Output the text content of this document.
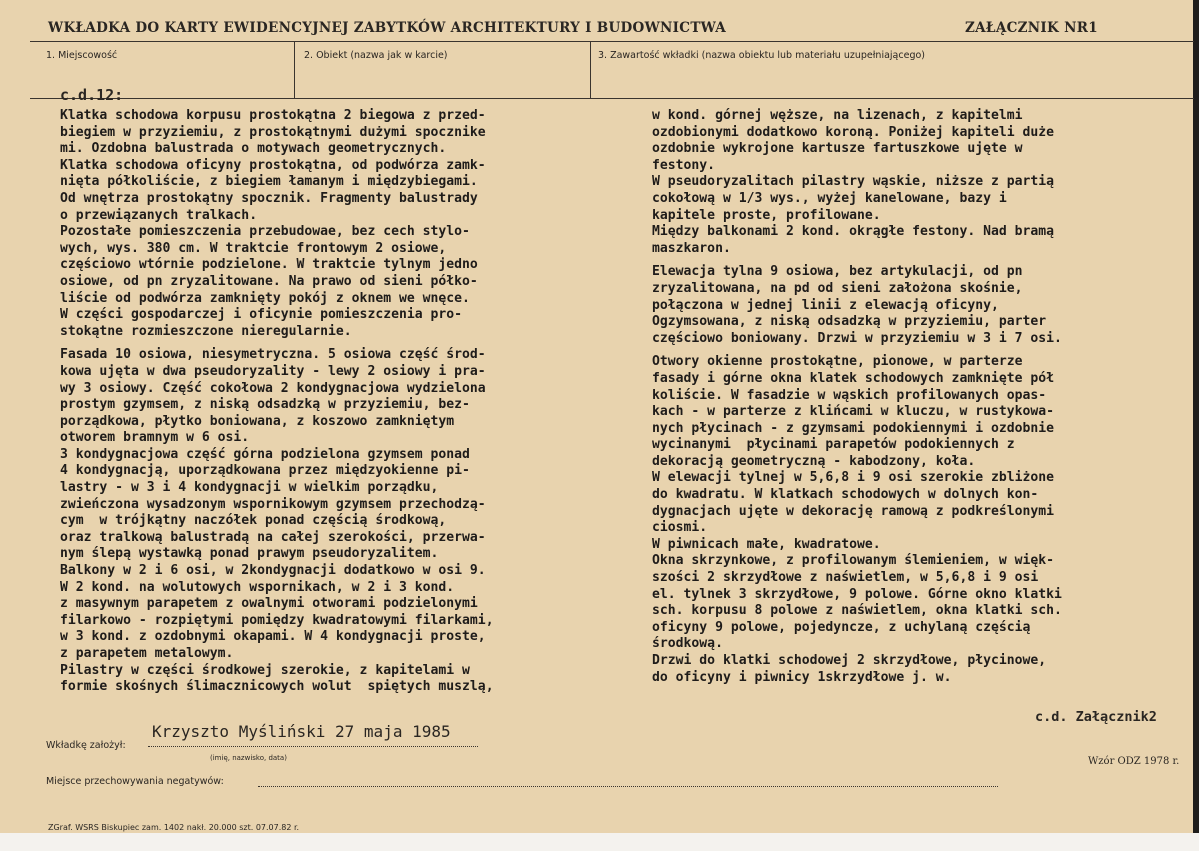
WKŁADKA DO KARTY EWIDENCYJNEJ ZABYTKÓW ARCHITEKTURY I BUDOWNICTWA	ZAŁĄCZNIK NR1
1. Miejscowość	2. Obiekt (nazwa jak w karcie)	3. Zawartość wkładki (nazwa obiektu lub materiału uzupełniającego)
c.d.12:
Klatka schodowa korpusu prostokątna 2 biegowa z przed-
biegiem w przyziemiu, z prostokątnymi dużymi spocznike
mi. Ozdobna balustrada o motywach geometrycznych.
Klatka schodowa oficyny prostokątna, od podwórza zamk-
nięta półkoliście, z biegiem łamanym i międzybiegami.
Od wnętrza prostokątny spocznik. Fragmenty balustrady
o przewiązanych tralkach.
Pozostałe pomieszczenia przebudowae, bez cech stylo-
wych, wys. 380 cm. W traktcie frontowym 2 osiowe,
częściowo wtórnie podzielone. W traktcie tylnym jedno
osiowe, od pn zryzalitowane. Na prawo od sieni półko-
liście od podwórza zamknięty pokój z oknem we wnęce.
W części gospodarczej i oficynie pomieszczenia pro-
stokątne rozmieszczone nieregularnie.
Fasada 10 osiowa, niesymetryczna. 5 osiowa część środ-
kowa ujęta w dwa pseudoryzality - lewy 2 osiowy i pra-
wy 3 osiowy. Część cokołowa 2 kondygnacjowa wydzielona
prostym gzymsem, z niską odsadzką w przyziemiu, bez-
porządkowa, płytko boniowana, z koszowo zamkniętym
otworem bramnym w 6 osi.
3 kondygnacjowa część górna podzielona gzymsem ponad
4 kondygnacją, uporządkowana przez międzyokienne pi-
lastry - w 3 i 4 kondygnacji w wielkim porządku,
zwieńczona wysadzonym wspornikowym gzymsem przechodzą-
cym  w trójkątny naczółek ponad częścią środkową,
oraz tralkową balustradą na całej szerokości, przerwa-
nym ślepą wystawką ponad prawym pseudoryzalitem.
Balkony w 2 i 6 osi, w 2kondygnacji dodatkowo w osi 9.
W 2 kond. na wolutowych wspornikach, w 2 i 3 kond.
z masywnym parapetem z owalnymi otworami podzielonymi
filarkowo - rozpiętymi pomiędzy kwadratowymi filarkami,
w 3 kond. z ozdobnymi okapami. W 4 kondygnacji proste,
z parapetem metalowym.
Pilastry w części środkowej szerokie, z kapitelami w
formie skośnych ślimacznicowych wolut  spiętych muszlą,
w kond. górnej węższe, na lizenach, z kapitelmi
ozdobionymi dodatkowo koroną. Poniżej kapiteli duże
ozdobnie wykrojone kartusze fartuszkowe ujęte w
festony.
W pseudoryzalitach pilastry wąskie, niższe z partią
cokołową w 1/3 wys., wyżej kanelowane, bazy i
kapitele proste, profilowane.
Między balkonami 2 kond. okrągłe festony. Nad bramą
maszkaron.
Elewacja tylna 9 osiowa, bez artykulacji, od pn
zryzalitowana, na pd od sieni założona skośnie,
połączona w jednej linii z elewacją oficyny,
Ogzymsowana, z niską odsadzką w przyziemiu, parter
częściowo boniowany. Drzwi w przyziemiu w 3 i 7 osi.
Otwory okienne prostokątne, pionowe, w parterze
fasady i górne okna klatek schodowych zamknięte pół
koliście. W fasadzie w wąskich profilowanych opas-
kach - w parterze z klińcami w kluczu, w rustykowa-
nych płycinach - z gzymsami podokiennymi i ozdobnie
wycinanymi  płycinami parapetów podokiennych z
dekoracją geometryczną - kabodzony, koła.
W elewacji tylnej w 5,6,8 i 9 osi szerokie zbliżone
do kwadratu. W klatkach schodowych w dolnych kon-
dygnacjach ujęte w dekorację ramową z podkreślonymi
ciosmi.
W piwnicach małe, kwadratowe.
Okna skrzynkowe, z profilowanym ślemieniem, w więk-
szości 2 skrzydłowe z naświetlem, w 5,6,8 i 9 osi
el. tylnek 3 skrzydłowe, 9 polowe. Górne okno klatki
sch. korpusu 8 polowe z naświetlem, okna klatki sch.
oficyny 9 polowe, pojedyncze, z uchylaną częścią
środkową.
Drzwi do klatki schodowej 2 skrzydłowe, płycinowe,
do oficyny i piwnicy 1skrzydłowe j. w.
c.d. Załącznik2
Wkładkę założył:
Krzyszto Myśliński 27 maja 1985
(imię, nazwisko, data)	Wzór ODZ 1978 r.
Miejsce przechowywania negatywów:
ZGraf. WSRS Biskupiec zam. 1402 nakł. 20.000 szt. 07.07.82 r.
